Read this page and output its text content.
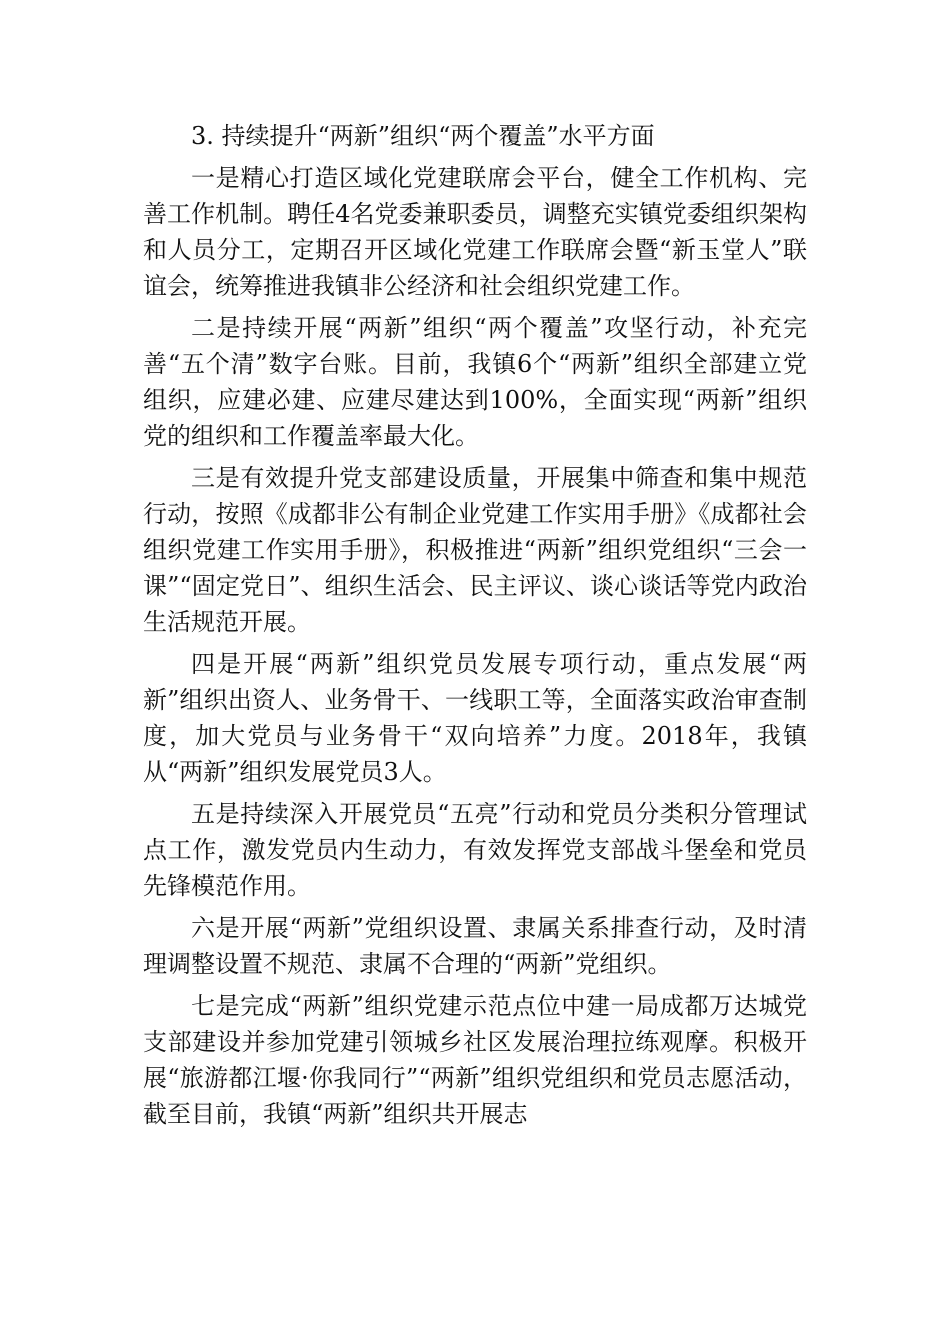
3. 持续提升“两新”组织“两个覆盖”水平方面

一是精心打造区域化党建联席会平台，健全工作机构、完善工作机制。聘任4名党委兼职委员，调整充实镇党委组织架构和人员分工，定期召开区域化党建工作联席会暨“新玉堂人”联谊会，统筹推进我镇非公经济和社会组织党建工作。

二是持续开展“两新”组织“两个覆盖”攻坚行动，补充完善“五个清”数字台账。目前，我镇6个“两新”组织全部建立党组织，应建必建、应建尽建达到100%，全面实现“两新”组织党的组织和工作覆盖率最大化。

三是有效提升党支部建设质量，开展集中筛查和集中规范行动，按照《成都非公有制企业党建工作实用手册》《成都社会组织党建工作实用手册》，积极推进“两新”组织党组织“三会一课”“固定党日”、组织生活会、民主评议、谈心谈话等党内政治生活规范开展。

四是开展“两新”组织党员发展专项行动，重点发展“两新”组织出资人、业务骨干、一线职工等，全面落实政治审查制度，加大党员与业务骨干“双向培养”力度。2018年，我镇从“两新”组织发展党员3人。

五是持续深入开展党员“五亮”行动和党员分类积分管理试点工作，激发党员内生动力，有效发挥党支部战斗堡垒和党员先锋模范作用。

六是开展“两新”党组织设置、隶属关系排查行动，及时清理调整设置不规范、隶属不合理的“两新”党组织。

七是完成“两新”组织党建示范点位中建一局成都万达城党支部建设并参加党建引领城乡社区发展治理拉练观摩。积极开展“旅游都江堰·你我同行”“两新”组织党组织和党员志愿活动，截至目前，我镇“两新”组织共开展志
